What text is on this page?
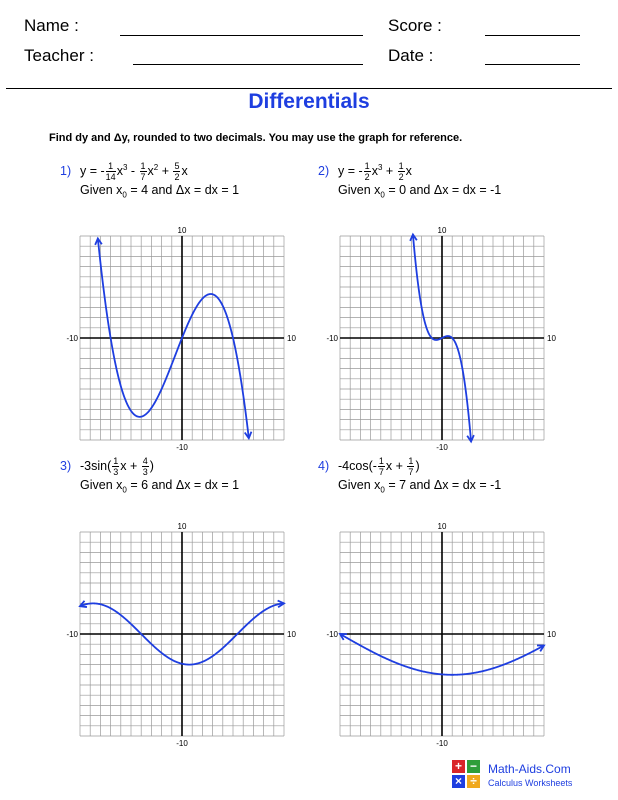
Name :	Score :
Teacher :	Date :
Differentials
Find dy and Δy, rounded to two decimals. You may use the graph for reference.
1) y = - $\frac{1}{14} x^3 - \frac{1}{7} x^2 + \frac{5}{2}$ x
Given $x_0 = 4$ and Δx = dx = 1
2) y = - $\frac{1}{2} x^3 + \frac{1}{2}$ x
Given $x_0 = 0$ and Δx = dx = -1
3) $-3\sin( \frac{1}{3}$ $x + \frac{4}{3}$ )
Given $x_0 = 6$ and Δx = dx = 1
4) $-4\cos(- \frac{1}{7}$ $x + \frac{1}{7}$ )
Given $x_0 = 7$ and Δx = dx = -1
10
-10
-10	10
10
-10
-10	10
10
-10
-10	10
10
-10
-10	10
+ −
× ÷
Math-Aids.Com
Calculus Worksheets
